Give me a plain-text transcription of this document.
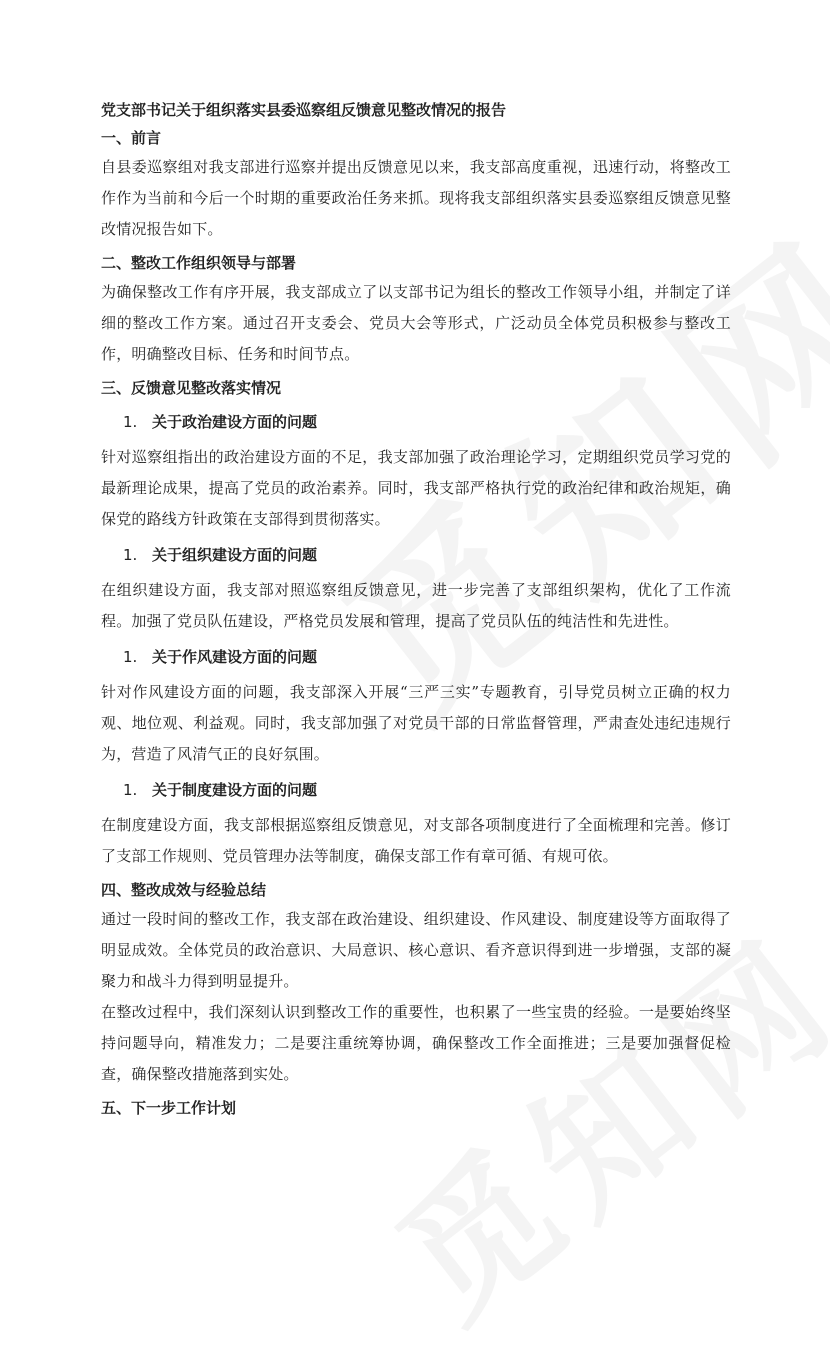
党支部书记关于组织落实县委巡察组反馈意见整改情况的报告

一、前言

自县委巡察组对我支部进行巡察并提出反馈意见以来，我支部高度重视，迅速行动，将整改工作作为当前和今后一个时期的重要政治任务来抓。现将我支部组织落实县委巡察组反馈意见整改情况报告如下。

二、整改工作组织领导与部署

为确保整改工作有序开展，我支部成立了以支部书记为组长的整改工作领导小组，并制定了详细的整改工作方案。通过召开支委会、党员大会等形式，广泛动员全体党员积极参与整改工作，明确整改目标、任务和时间节点。

三、反馈意见整改落实情况

1. 关于政治建设方面的问题

针对巡察组指出的政治建设方面的不足，我支部加强了政治理论学习，定期组织党员学习党的最新理论成果，提高了党员的政治素养。同时，我支部严格执行党的政治纪律和政治规矩，确保党的路线方针政策在支部得到贯彻落实。

1. 关于组织建设方面的问题

在组织建设方面，我支部对照巡察组反馈意见，进一步完善了支部组织架构，优化了工作流程。加强了党员队伍建设，严格党员发展和管理，提高了党员队伍的纯洁性和先进性。

1. 关于作风建设方面的问题

针对作风建设方面的问题，我支部深入开展“三严三实”专题教育，引导党员树立正确的权力观、地位观、利益观。同时，我支部加强了对党员干部的日常监督管理，严肃查处违纪违规行为，营造了风清气正的良好氛围。

1. 关于制度建设方面的问题

在制度建设方面，我支部根据巡察组反馈意见，对支部各项制度进行了全面梳理和完善。修订了支部工作规则、党员管理办法等制度，确保支部工作有章可循、有规可依。

四、整改成效与经验总结

通过一段时间的整改工作，我支部在政治建设、组织建设、作风建设、制度建设等方面取得了明显成效。全体党员的政治意识、大局意识、核心意识、看齐意识得到进一步增强，支部的凝聚力和战斗力得到明显提升。

在整改过程中，我们深刻认识到整改工作的重要性，也积累了一些宝贵的经验。一是要始终坚持问题导向，精准发力；二是要注重统筹协调，确保整改工作全面推进；三是要加强督促检查，确保整改措施落到实处。

五、下一步工作计划
